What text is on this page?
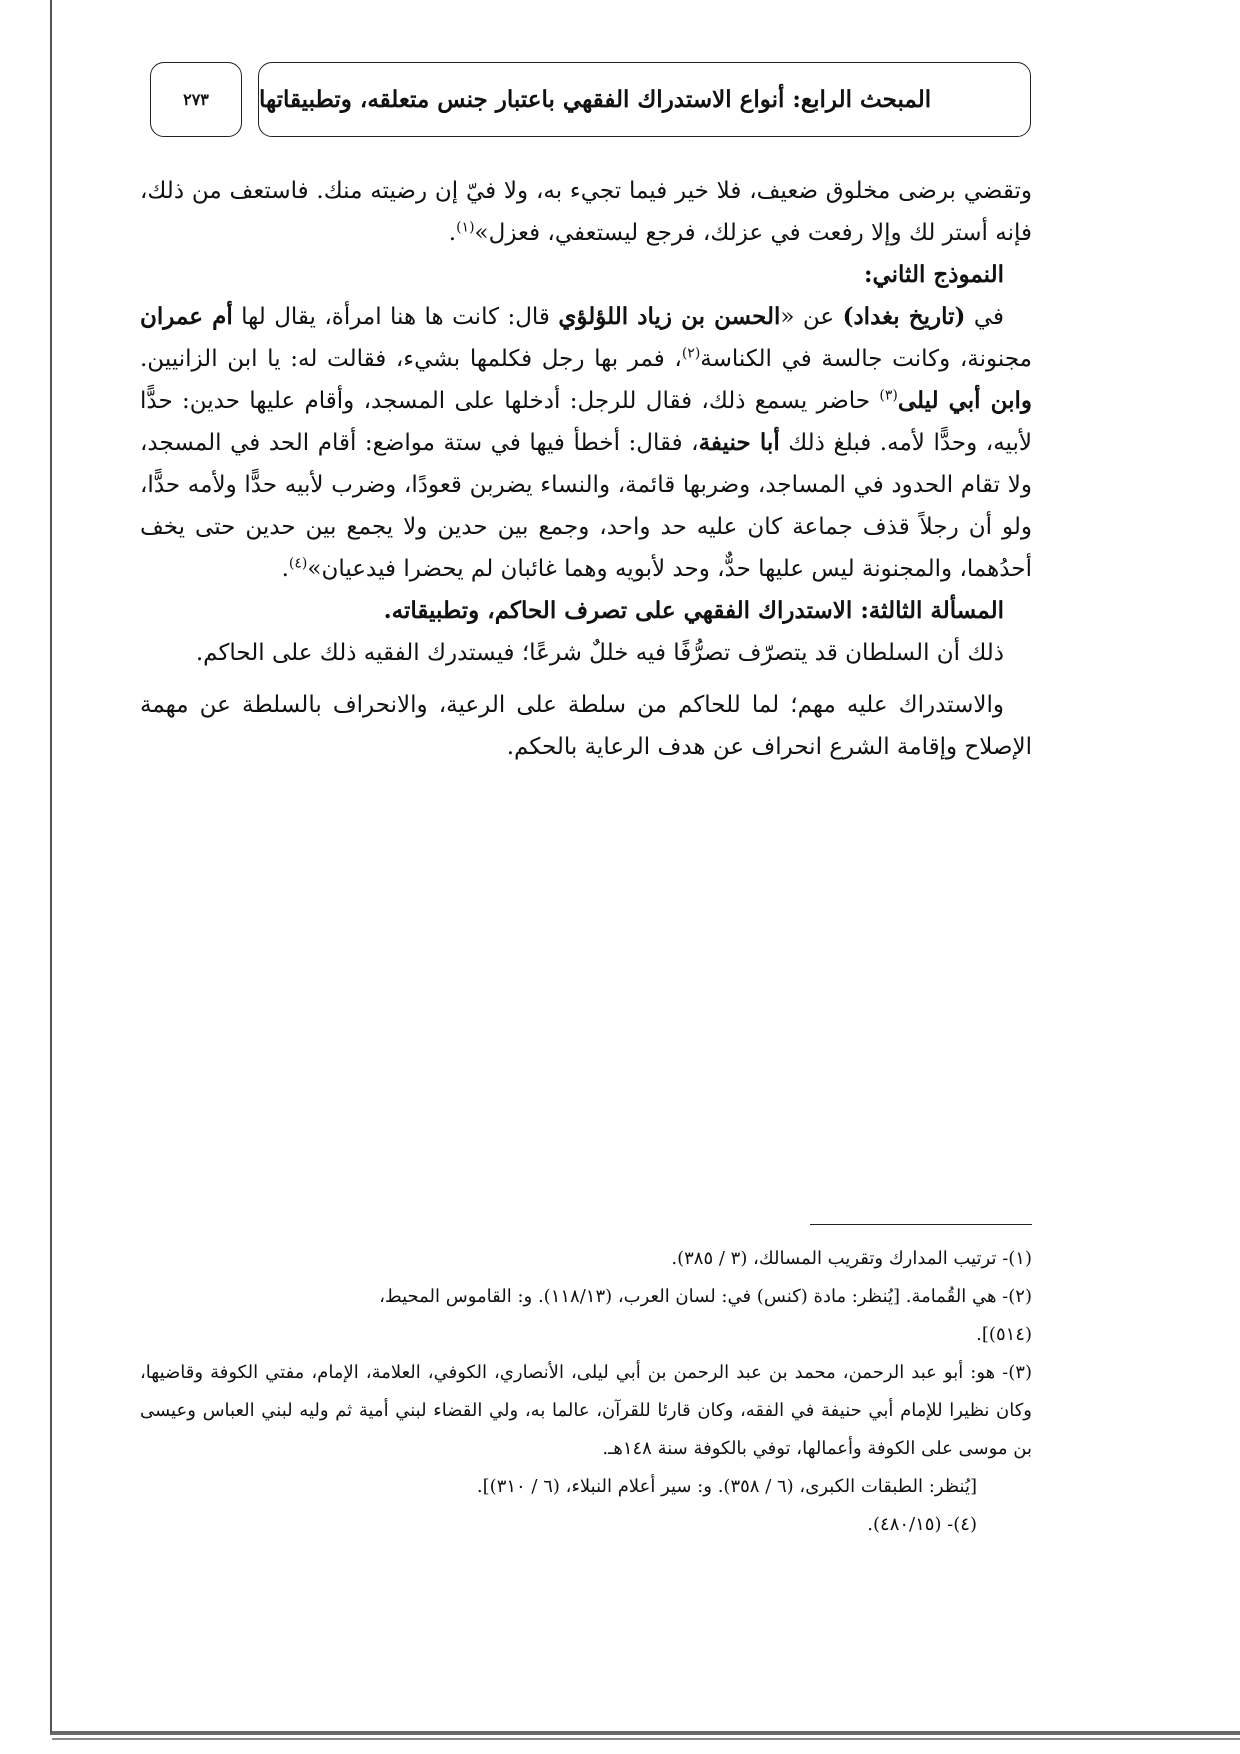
٢٧٣ المبحث الرابع: أنواع الاستدراك الفقهي باعتبار جنس متعلقه، وتطبيقاتها

وتقضي برضى مخلوق ضعيف، فلا خير فيما تجيء به، ولا فيّ إن رضيته منك. فاستعف من ذلك، فإنه أستر لك وإلا رفعت في عزلك، فرجع ليستعفي، فعزل»$^{(١)}$.

النموذج الثاني:

في (تاريخ بغداد) عن «الحسن بن زياد اللؤلؤي قال: كانت ها هنا امرأة، يقال لها أم عمران مجنونة، وكانت جالسة في الكناسة$^{(٢)}$، فمر بها رجل فكلمها بشيء، فقالت له: يا ابن الزانيين. وابن أبي ليلى$^{(٣)}$ حاضر يسمع ذلك، فقال للرجل: أدخلها على المسجد، وأقام عليها حدين: حدًّا لأبيه، وحدًّا لأمه. فبلغ ذلك أبا حنيفة، فقال: أخطأ فيها في ستة مواضع: أقام الحد في المسجد، ولا تقام الحدود في المساجد، وضربها قائمة، والنساء يضربن قعودًا، وضرب لأبيه حدًّا ولأمه حدًّا، ولو أن رجلاً قذف جماعة كان عليه حد واحد، وجمع بين حدين ولا يجمع بين حدين حتى يخف أحدُهما، والمجنونة ليس عليها حدٌّ، وحد لأبويه وهما غائبان لم يحضرا فيدعيان»$^{(٤)}$.

المسألة الثالثة: الاستدراك الفقهي على تصرف الحاكم، وتطبيقاته.

ذلك أن السلطان قد يتصرّف تصرُّفًا فيه خللٌ شرعًا؛ فيستدرك الفقيه ذلك على الحاكم.

والاستدراك عليه مهم؛ لما للحاكم من سلطة على الرعية، والانحراف بالسلطة عن مهمة الإصلاح وإقامة الشرع انحراف عن هدف الرعاية بالحكم.

(١)- ترتيب المدارك وتقريب المسالك، (٣ / ٣٨٥).

(٢)- هي القُمامة. [يُنظر: مادة (كنس) في: لسان العرب، (١١٨/١٣). و: القاموس المحيط،

(٥١٤)].

(٣)- هو: أبو عبد الرحمن، محمد بن عبد الرحمن بن أبي ليلى، الأنصاري، الكوفي، العلامة، الإمام، مفتي الكوفة وقاضيها، وكان نظيرا للإمام أبي حنيفة في الفقه، وكان قارئا للقرآن، عالما به، ولي القضاء لبني أمية ثم وليه لبني العباس وعيسى بن موسى على الكوفة وأعمالها، توفي بالكوفة سنة ١٤٨هـ.

[يُنظر: الطبقات الكبرى، (٦ / ٣٥٨). و: سير أعلام النبلاء، (٦ / ٣١٠)].

(٤)- (٤٨٠/١٥).
